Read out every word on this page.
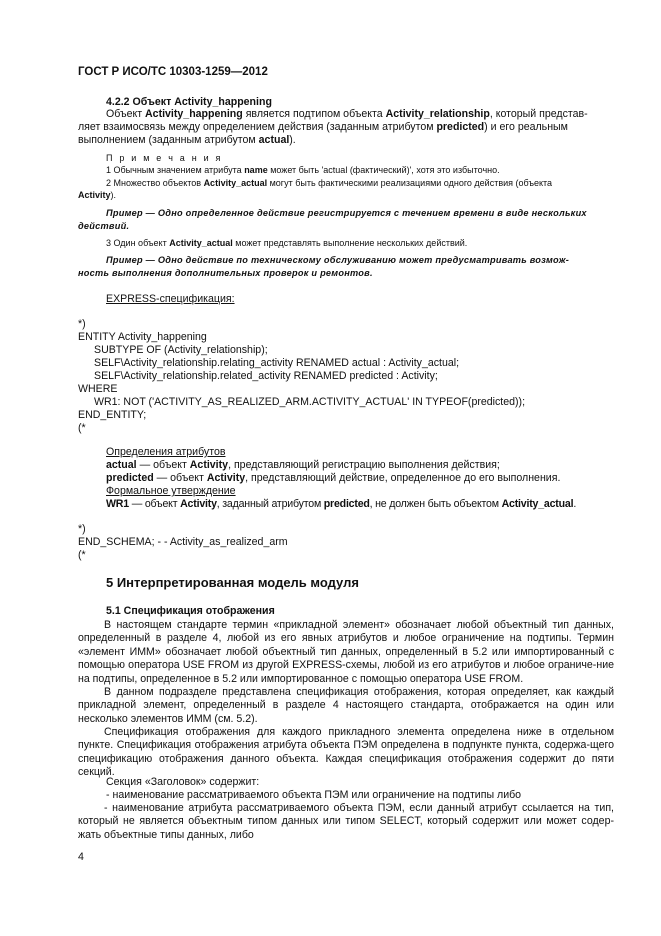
ГОСТ Р ИСО/ТС 10303-1259—2012
4.2.2 Объект Activity_happening
Объект Activity_happening является подтипом объекта Activity_relationship, который представ-
ляет взаимосвязь между определением действия (заданным атрибутом predicted) и его реальным
выполнением (заданным атрибутом actual).
П р и м е ч а н и я
1 Обычным значением атрибута name может быть 'actual (фактический)', хотя это избыточно.
2 Множество объектов Activity_actual могут быть фактическими реализациями одного действия (объекта
Activity).
Пример — Одно определенное действие регистрируется с течением времени в виде нескольких
действий.
3 Один объект Activity_actual может представлять выполнение нескольких действий.
Пример — Одно действие по техническому обслуживанию может предусматривать возмож-
ность выполнения дополнительных проверок и ремонтов.
EXPRESS-спецификация:
*)
ENTITY Activity_happening
SUBTYPE OF (Activity_relationship);
SELF\Activity_relationship.relating_activity RENAMED actual : Activity_actual;
SELF\Activity_relationship.related_activity RENAMED predicted : Activity;
WHERE
WR1: NOT ('ACTIVITY_AS_REALIZED_ARM.ACTIVITY_ACTUAL' IN TYPEOF(predicted));
END_ENTITY;
(*
Определения атрибутов
actual — объект Activity, представляющий регистрацию выполнения действия;
predicted — объект Activity, представляющий действие, определенное до его выполнения.
Формальное утверждение
WR1 — объект Activity, заданный атрибутом predicted, не должен быть объектом Activity_actual.
*)
END_SCHEMA; - - Activity_as_realized_arm
(*
5 Интерпретированная модель модуля
5.1 Спецификация отображения
В настоящем стандарте термин «прикладной элемент» обозначает любой объектный тип данных, определенный в разделе 4, любой из его явных атрибутов и любое ограничение на подтипы. Термин «элемент ИММ» обозначает любой объектный тип данных, определенный в 5.2 или импортированный с помощью оператора USE FROM из другой EXPRESS-схемы, любой из его атрибутов и любое ограниче-ние на подтипы, определенное в 5.2 или импортированное с помощью оператора USE FROM.
В данном подразделе представлена спецификация отображения, которая определяет, как каждый прикладной элемент, определенный в разделе 4 настоящего стандарта, отображается на один или несколько элементов ИММ (см. 5.2).
Спецификация отображения для каждого прикладного элемента определена ниже в отдельном пункте. Спецификация отображения атрибута объекта ПЭМ определена в подпункте пункта, содержа-щего спецификацию отображения данного объекта. Каждая спецификация отображения содержит до пяти секций.
Секция «Заголовок» содержит:
- наименование рассматриваемого объекта ПЭМ или ограничение на подтипы либо
- наименование атрибута рассматриваемого объекта ПЭМ, если данный атрибут ссылается на тип, который не является объектным типом данных или типом SELECT, который содержит или может содер-жать объектные типы данных, либо
4
